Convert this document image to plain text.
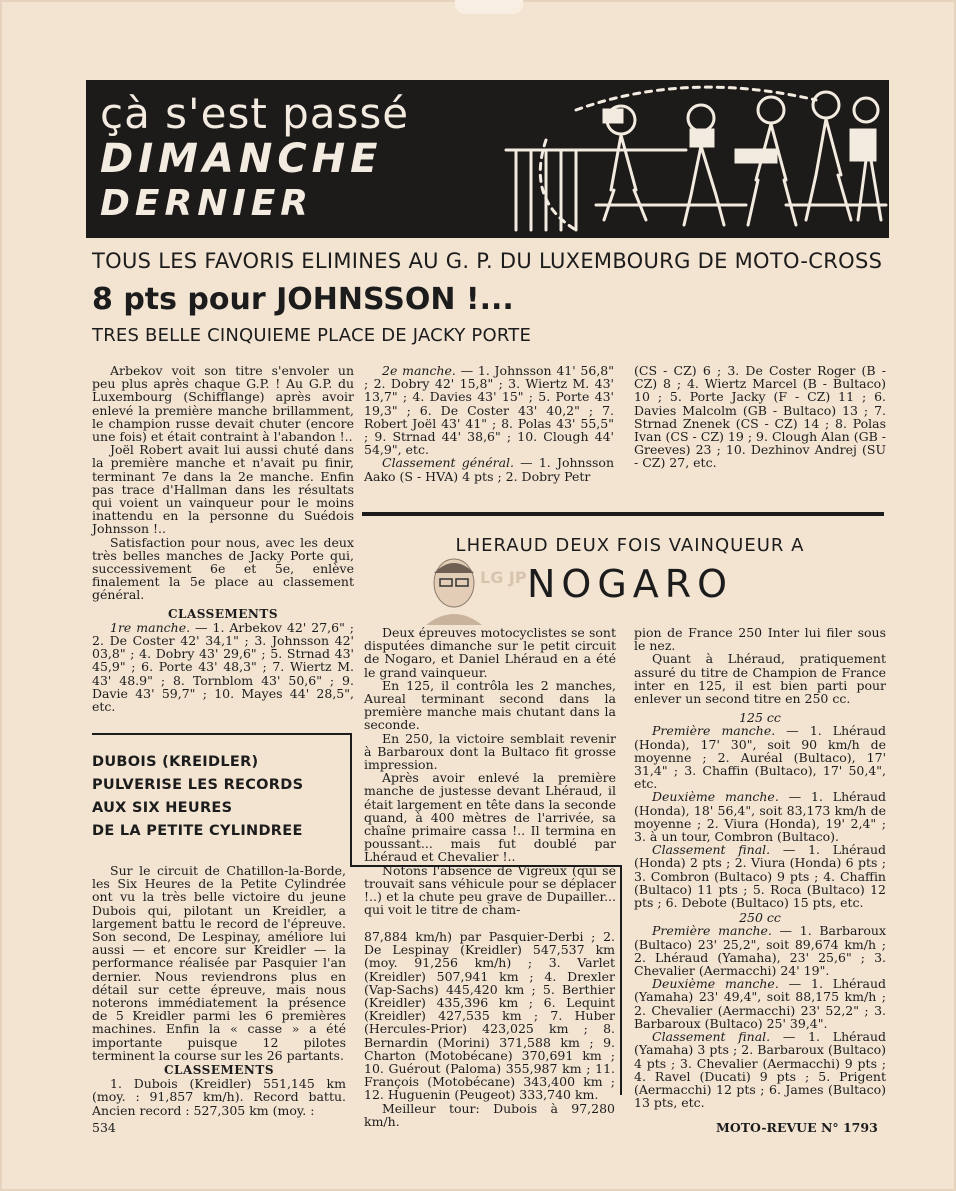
çà s'est passé
DIMANCHE
DERNIER
TOUS LES FAVORIS ELIMINES AU G. P. DU LUXEMBOURG DE MOTO-CROSS
8 pts pour JOHNSSON !...
TRES BELLE CINQUIEME PLACE DE JACKY PORTE

Arbekov voit son titre s'envoler un peu plus après chaque G.P. ! Au G.P. du Luxembourg (Schifflange) après avoir enlevé la première manche brillamment, le champion russe devait chuter (encore une fois) et était contraint à l'abandon !..

Joël Robert avait lui aussi chuté dans la première manche et n'avait pu finir, terminant 7e dans la 2e manche. Enfin pas trace d'Hallman dans les résultats qui voient un vainqueur pour le moins inattendu en la personne du Suédois Johnsson !..

Satisfaction pour nous, avec les deux très belles manches de Jacky Porte qui, successivement 6e et 5e, enlève finalement la 5e place au classement général.

CLASSEMENTS

1re manche. — 1. Arbekov 42' 27,6" ; 2. De Coster 42' 34,1" ; 3. Johnsson 42' 03,8" ; 4. Dobry 43' 29,6" ; 5. Strnad 43' 45,9" ; 6. Porte 43' 48,3" ; 7. Wiertz M. 43' 48.9" ; 8. Tornblom 43' 50,6" ; 9. Davie 43' 59,7" ; 10. Mayes 44' 28,5", etc.

2e manche. — 1. Johnsson 41' 56,8" ; 2. Dobry 42' 15,8" ; 3. Wiertz M. 43' 13,7" ; 4. Davies 43' 15" ; 5. Porte 43' 19,3" ; 6. De Coster 43' 40,2" ; 7. Robert Joël 43' 41" ; 8. Polas 43' 55,5" ; 9. Strnad 44' 38,6" ; 10. Clough 44' 54,9", etc.

Classement général. — 1. Johnsson Aako (S - HVA) 4 pts ; 2. Dobry Petr

(CS - CZ) 6 ; 3. De Coster Roger (B - CZ) 8 ; 4. Wiertz Marcel (B - Bultaco) 10 ; 5. Porte Jacky (F - CZ) 11 ; 6. Davies Malcolm (GB - Bultaco) 13 ; 7. Strnad Znenek (CS - CZ) 14 ; 8. Polas Ivan (CS - CZ) 19 ; 9. Clough Alan (GB - Greeves) 23 ; 10. Dezhinov Andrej (SU - CZ) 27, etc.

DUBOIS (KREIDLER)
PULVERISE LES RECORDS
AUX SIX HEURES
DE LA PETITE CYLINDREE

Sur le circuit de Chatillon-la-Borde, les Six Heures de la Petite Cylindrée ont vu la très belle victoire du jeune Dubois qui, pilotant un Kreidler, a largement battu le record de l'épreuve. Son second, De Lespinay, améliore lui aussi — et encore sur Kreidler — la performance réalisée par Pasquier l'an dernier. Nous reviendrons plus en détail sur cette épreuve, mais nous noterons immédiatement la présence de 5 Kreidler parmi les 6 premières machines. Enfin la « casse » a été importante puisque 12 pilotes terminent la course sur les 26 partants.

CLASSEMENTS

1. Dubois (Kreidler) 551,145 km (moy. : 91,857 km/h). Record battu. Ancien record : 527,305 km (moy. :

87,884 km/h) par Pasquier-Derbi ; 2. De Lespinay (Kreidler) 547,537 km (moy. 91,256 km/h) ; 3. Varlet (Kreidler) 507,941 km ; 4. Drexler (Vap-Sachs) 445,420 km ; 5. Berthier (Kreidler) 435,396 km ; 6. Lequint (Kreidler) 427,535 km ; 7. Huber (Hercules-Prior) 423,025 km ; 8. Bernardin (Morini) 371,588 km ; 9. Charton (Motobécane) 370,691 km ; 10. Guérout (Paloma) 355,987 km ; 11. François (Motobécane) 343,400 km ; 12. Huguenin (Peugeot) 333,740 km.

Meilleur tour: Dubois à 97,280 km/h.

LHERAUD DEUX FOIS VAINQUEUR A
LG JP NOGARO

Deux épreuves motocyclistes se sont disputées dimanche sur le petit circuit de Nogaro, et Daniel Lhéraud en a été le grand vainqueur.

En 125, il contrôla les 2 manches, Aureal terminant second dans la première manche mais chutant dans la seconde.

En 250, la victoire semblait revenir à Barbaroux dont la Bultaco fit grosse impression.

Après avoir enlevé la première manche de justesse devant Lhéraud, il était largement en tête dans la seconde quand, à 400 mètres de l'arrivée, sa chaîne primaire cassa !.. Il termina en poussant... mais fut doublé par Lhéraud et Chevalier !..

Notons l'absence de Vigreux (qui se trouvait sans véhicule pour se déplacer !..) et la chute peu grave de Dupailler... qui voit le titre de cham-

pion de France 250 Inter lui filer sous le nez.

Quant à Lhéraud, pratiquement assuré du titre de Champion de France inter en 125, il est bien parti pour enlever un second titre en 250 cc.

125 cc

Première manche. — 1. Lhéraud (Honda), 17' 30", soit 90 km/h de moyenne ; 2. Auréal (Bultaco), 17' 31,4" ; 3. Chaffin (Bultaco), 17' 50,4", etc.

Deuxième manche. — 1. Lhéraud (Honda), 18' 56,4", soit 83,173 km/h de moyenne ; 2. Viura (Honda), 19' 2,4" ; 3. à un tour, Combron (Bultaco).

Classement final. — 1. Lhéraud (Honda) 2 pts ; 2. Viura (Honda) 6 pts ; 3. Combron (Bultaco) 9 pts ; 4. Chaffin (Bultaco) 11 pts ; 5. Roca (Bultaco) 12 pts ; 6. Debote (Bultaco) 15 pts, etc.

250 cc

Première manche. — 1. Barbaroux (Bultaco) 23' 25,2", soit 89,674 km/h ; 2. Lhéraud (Yamaha), 23' 25,6" ; 3. Chevalier (Aermacchi) 24' 19".

Deuxième manche. — 1. Lhéraud (Yamaha) 23' 49,4", soit 88,175 km/h ; 2. Chevalier (Aermacchi) 23' 52,2" ; 3. Barbaroux (Bultaco) 25' 39,4".

Classement final. — 1. Lhéraud (Yamaha) 3 pts ; 2. Barbaroux (Bultaco) 4 pts ; 3. Chevalier (Aermacchi) 9 pts ; 4. Ravel (Ducati) 9 pts ; 5. Prigent (Aermacchi) 12 pts ; 6. James (Bultaco) 13 pts, etc.

534	MOTO-REVUE N° 1793
